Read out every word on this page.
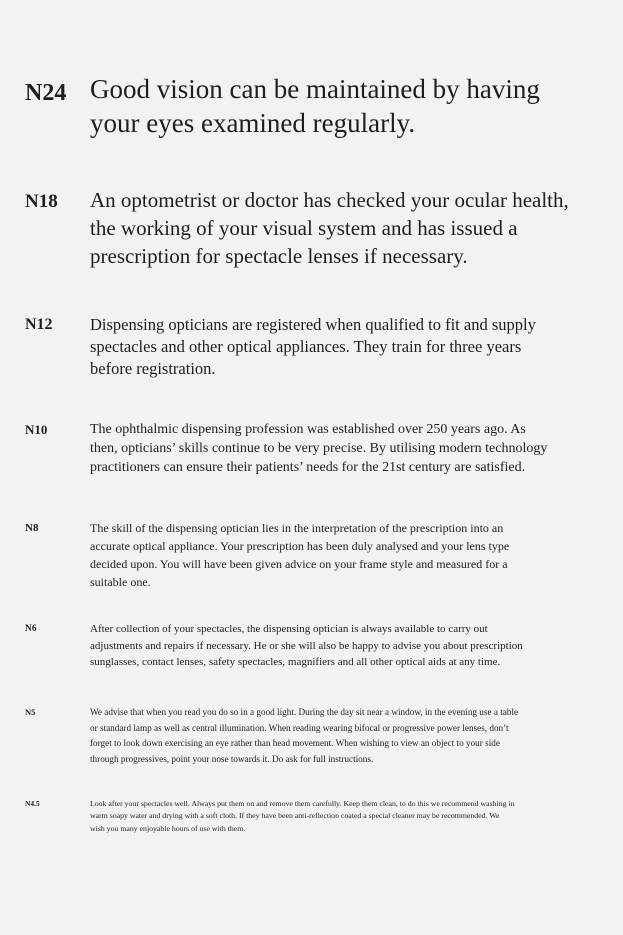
N24 Good vision can be maintained by having
your eyes examined regularly.
N18 An optometrist or doctor has checked your ocular health,
the working of your visual system and has issued a
prescription for spectacle lenses if necessary.
N12 Dispensing opticians are registered when qualified to fit and supply
spectacles and other optical appliances. They train for three years
before registration.
N10	The ophthalmic dispensing profession was established over 250 years ago. As
then, opticians’ skills continue to be very precise. By utilising modern technology
practitioners can ensure their patients’ needs for the 21st century are satisfied.
N8	The skill of the dispensing optician lies in the interpretation of the prescription into an
accurate optical appliance. Your prescription has been duly analysed and your lens type
decided upon. You will have been given advice on your frame style and measured for a
suitable one.
N6	After collection of your spectacles, the dispensing optician is always available to carry out
adjustments and repairs if necessary. He or she will also be happy to advise you about prescription
sunglasses, contact lenses, safety spectacles, magnifiers and all other optical aids at any time.
N5	We advise that when you read you do so in a good light. During the day sit near a window, in the evening use a table
or standard lamp as well as central illumination. When reading wearing bifocal or progressive power lenses, don’t
forget to look down exercising an eye rather than head movement. When wishing to view an object to your side
through progressives, point your nose towards it. Do ask for full instructions.
N4.5	Look after your spectacles well. Always put them on and remove them carefully. Keep them clean, to do this we recommend washing in
warm soapy water and drying with a soft cloth. If they have been anti-reflection coated a special cleaner may be recommended. We
wish you many enjoyable hours of use with them.
